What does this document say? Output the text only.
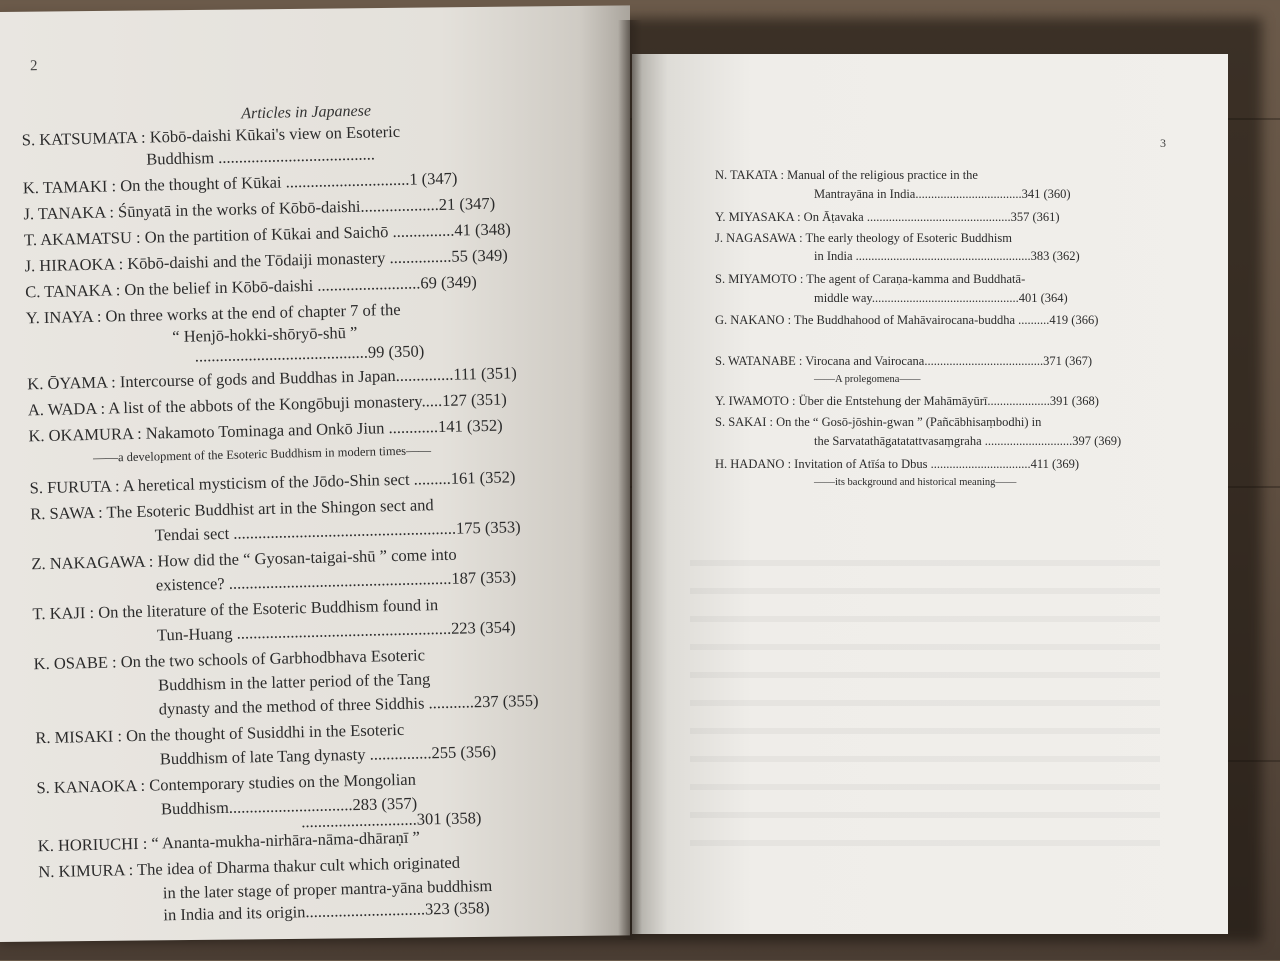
2
Articles in Japanese
S. KATSUMATA : Kōbō-daishi Kūkai's view on Esoteric
Buddhism ......................................
K. TAMAKI : On the thought of Kūkai ..............................1 (347)
J. TANAKA : Śūnyatā in the works of Kōbō-daishi...................21 (347)
T. AKAMATSU : On the partition of Kūkai and Saichō ...............41 (348)
J. HIRAOKA : Kōbō-daishi and the Tōdaiji monastery ...............55 (349)
C. TANAKA : On the belief in Kōbō-daishi .........................69 (349)
Y. INAYA : On three works at the end of chapter 7 of the
“ Henjō-hokki-shōryō-shū ”
..........................................99 (350)
K. ŌYAMA : Intercourse of gods and Buddhas in Japan..............111 (351)
A. WADA : A list of the abbots of the Kongōbuji monastery.....127 (351)
K. OKAMURA : Nakamoto Tominaga and Onkō Jiun ............141 (352)
——a development of the Esoteric Buddhism in modern times——
S. FURUTA : A heretical mysticism of the Jōdo-Shin sect .........161 (352)
R. SAWA : The Esoteric Buddhist art in the Shingon sect and
Tendai sect ......................................................175 (353)
Z. NAKAGAWA : How did the “ Gyosan-taigai-shū ” come into
existence? ......................................................187 (353)
T. KAJI : On the literature of the Esoteric Buddhism found in
Tun-Huang ....................................................223 (354)
K. OSABE : On the two schools of Garbhodbhava Esoteric
Buddhism in the latter period of the Tang
dynasty and the method of three Siddhis ...........237 (355)
R. MISAKI : On the thought of Susiddhi in the Esoteric
Buddhism of late Tang dynasty ...............255 (356)
S. KANAOKA : Contemporary studies on the Mongolian
Buddhism..............................283 (357)
............................301 (358)
K. HORIUCHI : “ Ananta-mukha-nirhāra-nāma-dhāraṇī ”
N. KIMURA : The idea of Dharma thakur cult which originated
in the later stage of proper mantra-yāna buddhism
in India and its origin.............................323 (358)
3
N. TAKATA : Manual of the religious practice in the
Mantrayāna in India..................................341 (360)
Y. MIYASAKA : On Āṭavaka ..............................................357 (361)
J. NAGASAWA : The early theology of Esoteric Buddhism
in India ........................................................383 (362)
S. MIYAMOTO : The agent of Caraṇa-kamma and Buddhatā-
middle way...............................................401 (364)
G. NAKANO : The Buddhahood of Mahāvairocana-buddha ..........419 (366)
S. WATANABE : Virocana and Vairocana......................................371 (367)
——A prolegomena——
Y. IWAMOTO : Über die Entstehung der Mahāmāyūrī....................391 (368)
S. SAKAI : On the “ Gosō-jōshin-gwan ” (Pañcābhisaṃbodhi) in
the Sarvatathāgatatattvasaṃgraha ............................397 (369)
H. HADANO : Invitation of Atīśa to Dbus ................................411 (369)
——its background and historical meaning——
